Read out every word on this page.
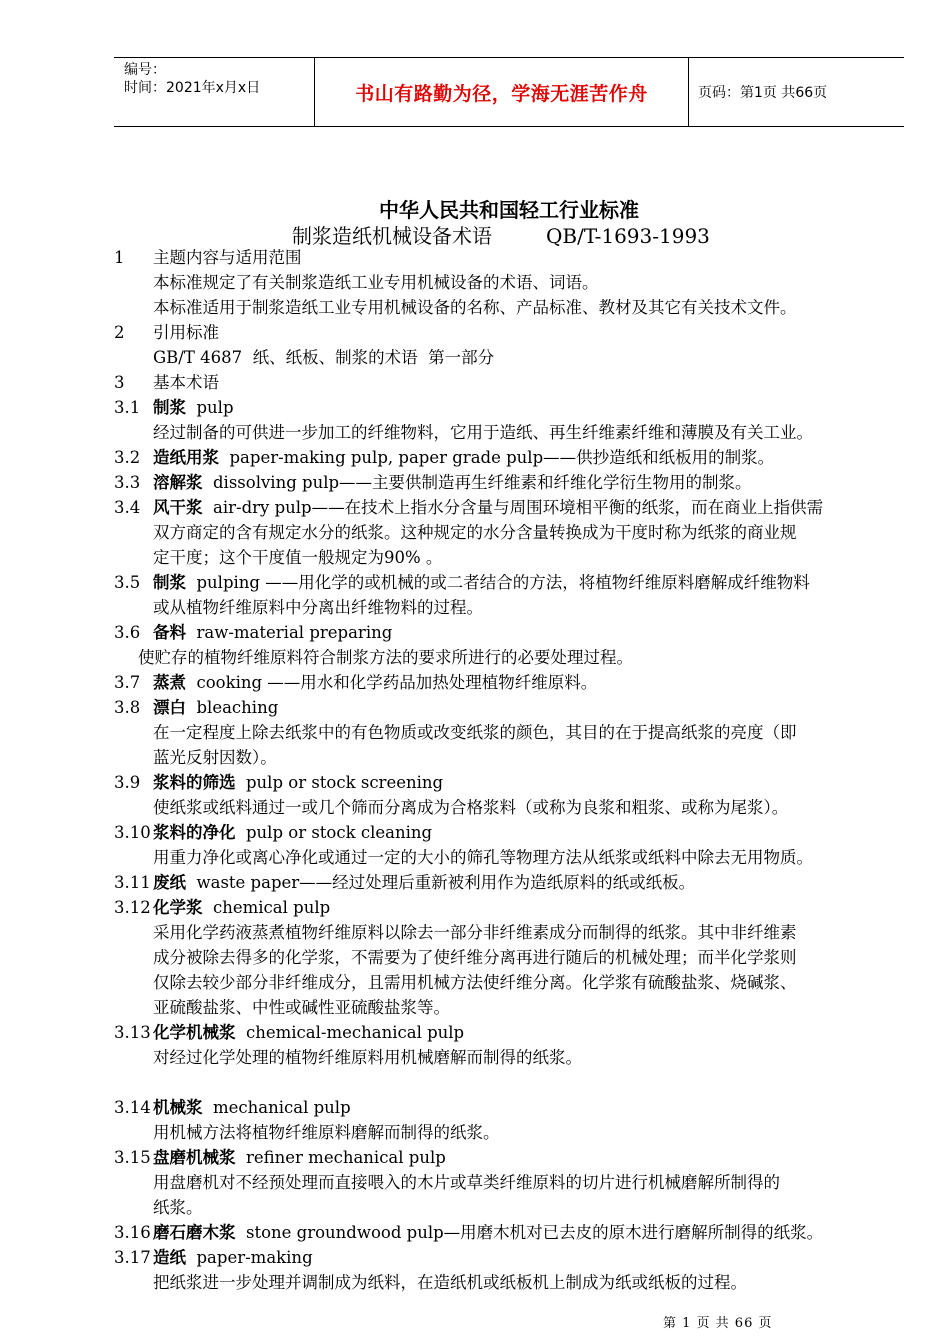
编号：
时间：2021年x月x日	书山有路勤为径，学海无涯苦作舟	页码：第1页 共66页
中华人民共和国轻工行业标准
制浆造纸机械设备术语	QB/T-1693-1993
1 主题内容与适用范围
本标准规定了有关制浆造纸工业专用机械设备的术语、词语。
本标准适用于制浆造纸工业专用机械设备的名称、产品标准、教材及其它有关技术文件。
2 引用标准
GB/T 4687  纸、纸板、制浆的术语  第一部分
3 基本术语
3.1 制浆  pulp
经过制备的可供进一步加工的纤维物料，它用于造纸、再生纤维素纤维和薄膜及有关工业。
3.2 造纸用浆  paper-making pulp, paper grade pulp——供抄造纸和纸板用的制浆。
3.3 溶解浆  dissolving pulp——主要供制造再生纤维素和纤维化学衍生物用的制浆。
3.4 风干浆  air-dry pulp——在技术上指水分含量与周围环境相平衡的纸浆，而在商业上指供需
双方商定的含有规定水分的纸浆。这种规定的水分含量转换成为干度时称为纸浆的商业规
定干度；这个干度值一般规定为90% 。
3.5 制浆  pulping ——用化学的或机械的或二者结合的方法，将植物纤维原料磨解成纤维物料
或从植物纤维原料中分离出纤维物料的过程。
3.6 备料  raw-material preparing
使贮存的植物纤维原料符合制浆方法的要求所进行的必要处理过程。
3.7 蒸煮  cooking ——用水和化学药品加热处理植物纤维原料。
3.8 漂白  bleaching
在一定程度上除去纸浆中的有色物质或改变纸浆的颜色，其目的在于提高纸浆的亮度（即
蓝光反射因数）。
3.9 浆料的筛选  pulp or stock screening
使纸浆或纸料通过一或几个筛而分离成为合格浆料（或称为良浆和粗浆、或称为尾浆）。
3.10 浆料的净化  pulp or stock cleaning
用重力净化或离心净化或通过一定的大小的筛孔等物理方法从纸浆或纸料中除去无用物质。
3.11 废纸  waste paper——经过处理后重新被利用作为造纸原料的纸或纸板。
3.12 化学浆  chemical pulp
采用化学药液蒸煮植物纤维原料以除去一部分非纤维素成分而制得的纸浆。其中非纤维素
成分被除去得多的化学浆，不需要为了使纤维分离再进行随后的机械处理；而半化学浆则
仅除去较少部分非纤维成分，且需用机械方法使纤维分离。化学浆有硫酸盐浆、烧碱浆、
亚硫酸盐浆、中性或碱性亚硫酸盐浆等。
3.13 化学机械浆  chemical-mechanical pulp
对经过化学处理的植物纤维原料用机械磨解而制得的纸浆。
3.14 机械浆  mechanical pulp
用机械方法将植物纤维原料磨解而制得的纸浆。
3.15 盘磨机械浆  refiner mechanical pulp
用盘磨机对不经预处理而直接喂入的木片或草类纤维原料的切片进行机械磨解所制得的
纸浆。
3.16 磨石磨木浆  stone groundwood pulp—用磨木机对已去皮的原木进行磨解所制得的纸浆。
3.17 造纸  paper-making
把纸浆进一步处理并调制成为纸料，在造纸机或纸板机上制成为纸或纸板的过程。
第 1 页 共 66 页
